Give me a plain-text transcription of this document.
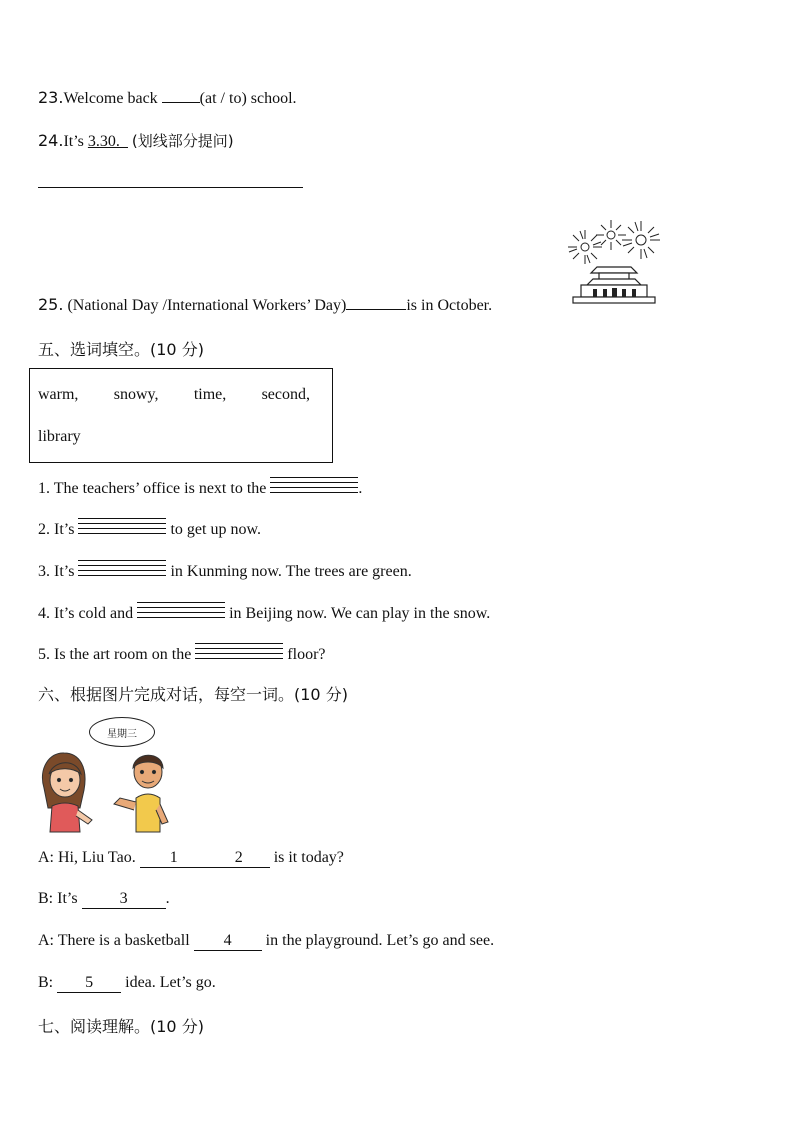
23.Welcome back	(at / to) school.
24.It’s 3.30._ (划线部分提问)
25. (National Day /International Workers’ Day)	is in October.
五、选词填空。(10 分)
warm, snowy, time, second,
library
1. The teachers’ office is next to the	.
2. It’s	to get up now.
3. It’s	in Kunming now. The trees are green.
4. It’s cold and	in Beijing now. We can play in the snow.
5. Is the art room on the	floor?
六、根据图片完成对话，每空一词。(10 分)
星期三
A: Hi, Liu Tao. 1	2 is it today?
B: It’s	3 .
A: There is a basketball 4 in the playground. Let’s go and see.
B: 5 idea. Let’s go.
七、阅读理解。(10 分)
